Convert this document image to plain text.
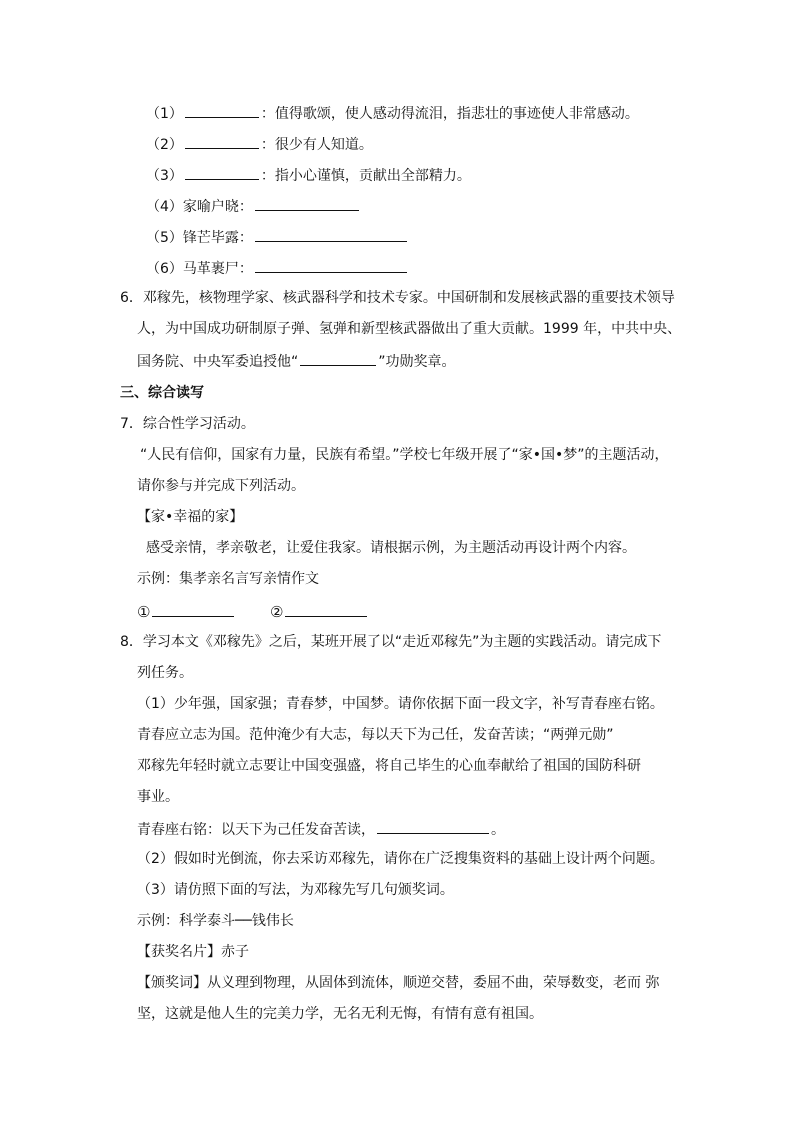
（1）	：值得歌颂，使人感动得流泪，指悲壮的事迹使人非常感动。
（2）	：很少有人知道。
（3）	：指小心谨慎，贡献出全部精力。
（4）家喻户晓：
（5）锋芒毕露：
（6）马革裹尸：
6．邓稼先，核物理学家、核武器科学和技术专家。中国研制和发展核武器的重要技术领导
人，为中国成功研制原子弹、氢弹和新型核武器做出了重大贡献。1999 年，中共中央、
国务院、中央军委追授他“	”功勋奖章。
三、综合读写
7．综合性学习活动。
“人民有信仰，国家有力量，民族有希望。”学校七年级开展了“家•国•梦”的主题活动，
请你参与并完成下列活动。
【家•幸福的家】
感受亲情，孝亲敬老，让爱住我家。请根据示例，为主题活动再设计两个内容。
示例：集孝亲名言写亲情作文
①	②
8．学习本文《邓稼先》之后，某班开展了以“走近邓稼先”为主题的实践活动。请完成下
列任务。
（1）少年强，国家强；青春梦，中国梦。请你依据下面一段文字，补写青春座右铭。
青春应立志为国。范仲淹少有大志，每以天下为己任，发奋苦读；“两弹元勋”
邓稼先年轻时就立志要让中国变强盛，将自己毕生的心血奉献给了祖国的国防科研
事业。
青春座右铭：以天下为己任发奋苦读，	。
（2）假如时光倒流，你去采访邓稼先，请你在广泛搜集资料的基础上设计两个问题。
（3）请仿照下面的写法，为邓稼先写几句颁奖词。
示例：科学泰斗──钱伟长
【获奖名片】赤子
【颁奖词】从义理到物理，从固体到流体，顺逆交替，委屈不曲，荣辱数变，老而 弥
坚，这就是他人生的完美力学，无名无利无悔，有情有意有祖国。
